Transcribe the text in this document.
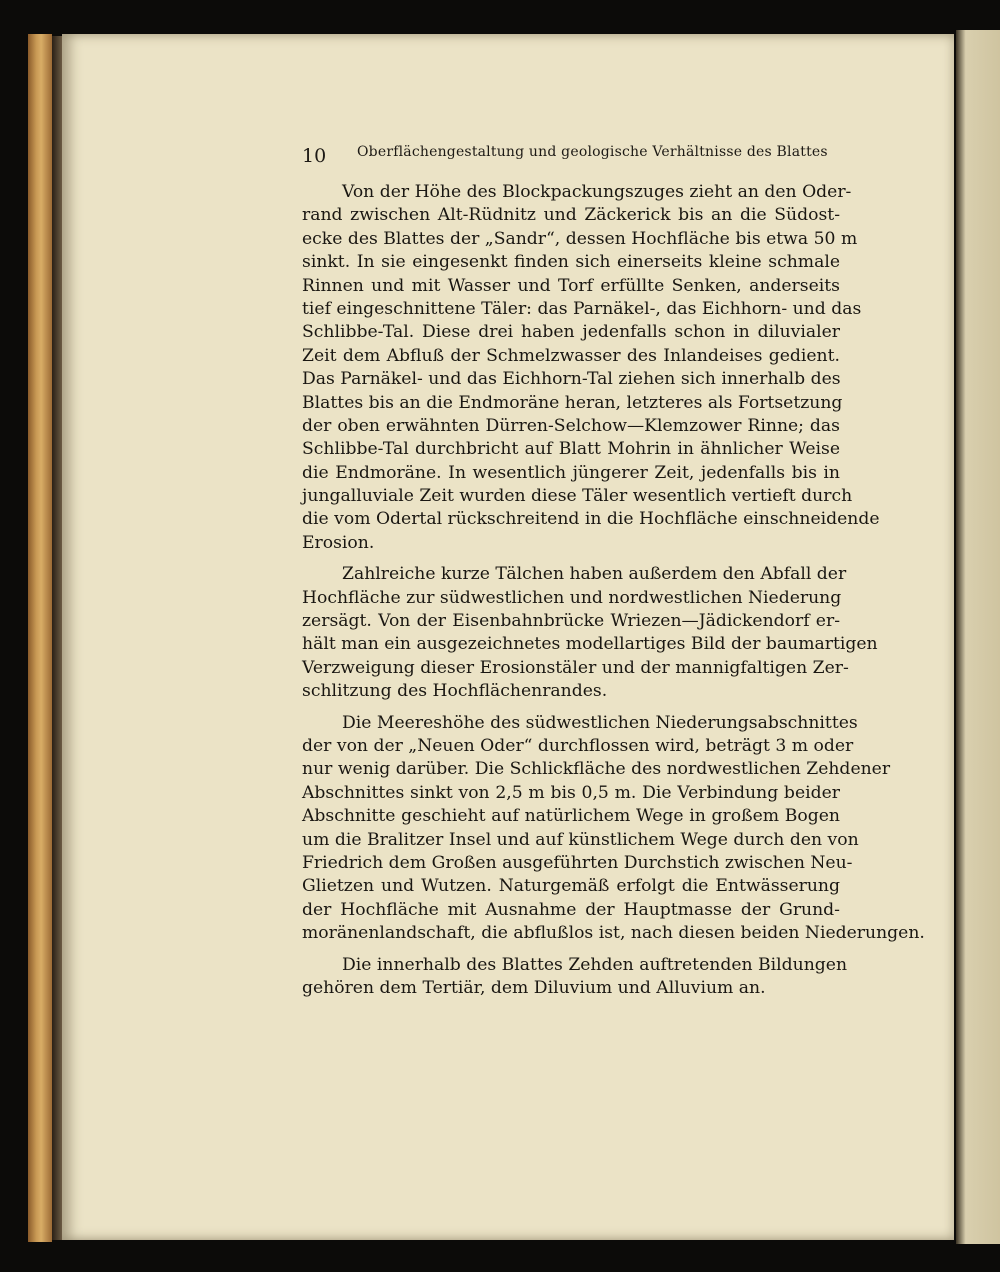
10 Oberflächengestaltung und geologische Verhältnisse des Blattes
Von der Höhe des Blockpackungszuges zieht an den Oder-
rand zwischen Alt-Rüdnitz und Zäckerick bis an die Südost-
ecke des Blattes der „Sandr“, dessen Hochfläche bis etwa 50 m
sinkt. In sie eingesenkt finden sich einerseits kleine schmale
Rinnen und mit Wasser und Torf erfüllte Senken, anderseits
tief eingeschnittene Täler: das Parnäkel-, das Eichhorn- und das
Schlibbe-Tal. Diese drei haben jedenfalls schon in diluvialer
Zeit dem Abfluß der Schmelzwasser des Inlandeises gedient.
Das Parnäkel- und das Eichhorn-Tal ziehen sich innerhalb des
Blattes bis an die Endmoräne heran, letzteres als Fortsetzung
der oben erwähnten Dürren-Selchow—Klemzower Rinne; das
Schlibbe-Tal durchbricht auf Blatt Mohrin in ähnlicher Weise
die Endmoräne. In wesentlich jüngerer Zeit, jedenfalls bis in
jungalluviale Zeit wurden diese Täler wesentlich vertieft durch
die vom Odertal rückschreitend in die Hochfläche einschneidende
Erosion.
Zahlreiche kurze Tälchen haben außerdem den Abfall der
Hochfläche zur südwestlichen und nordwestlichen Niederung
zersägt. Von der Eisenbahnbrücke Wriezen—Jädickendorf er-
hält man ein ausgezeichnetes modellartiges Bild der baumartigen
Verzweigung dieser Erosionstäler und der mannigfaltigen Zer-
schlitzung des Hochflächenrandes.
Die Meereshöhe des südwestlichen Niederungsabschnittes
der von der „Neuen Oder“ durchflossen wird, beträgt 3 m oder
nur wenig darüber. Die Schlickfläche des nordwestlichen Zehdener
Abschnittes sinkt von 2,5 m bis 0,5 m. Die Verbindung beider
Abschnitte geschieht auf natürlichem Wege in großem Bogen
um die Bralitzer Insel und auf künstlichem Wege durch den von
Friedrich dem Großen ausgeführten Durchstich zwischen Neu-
Glietzen und Wutzen. Naturgemäß erfolgt die Entwässerung
der Hochfläche mit Ausnahme der Hauptmasse der Grund-
moränenlandschaft, die abflußlos ist, nach diesen beiden Niederungen.
Die innerhalb des Blattes Zehden auftretenden Bildungen
gehören dem Tertiär, dem Diluvium und Alluvium an.
